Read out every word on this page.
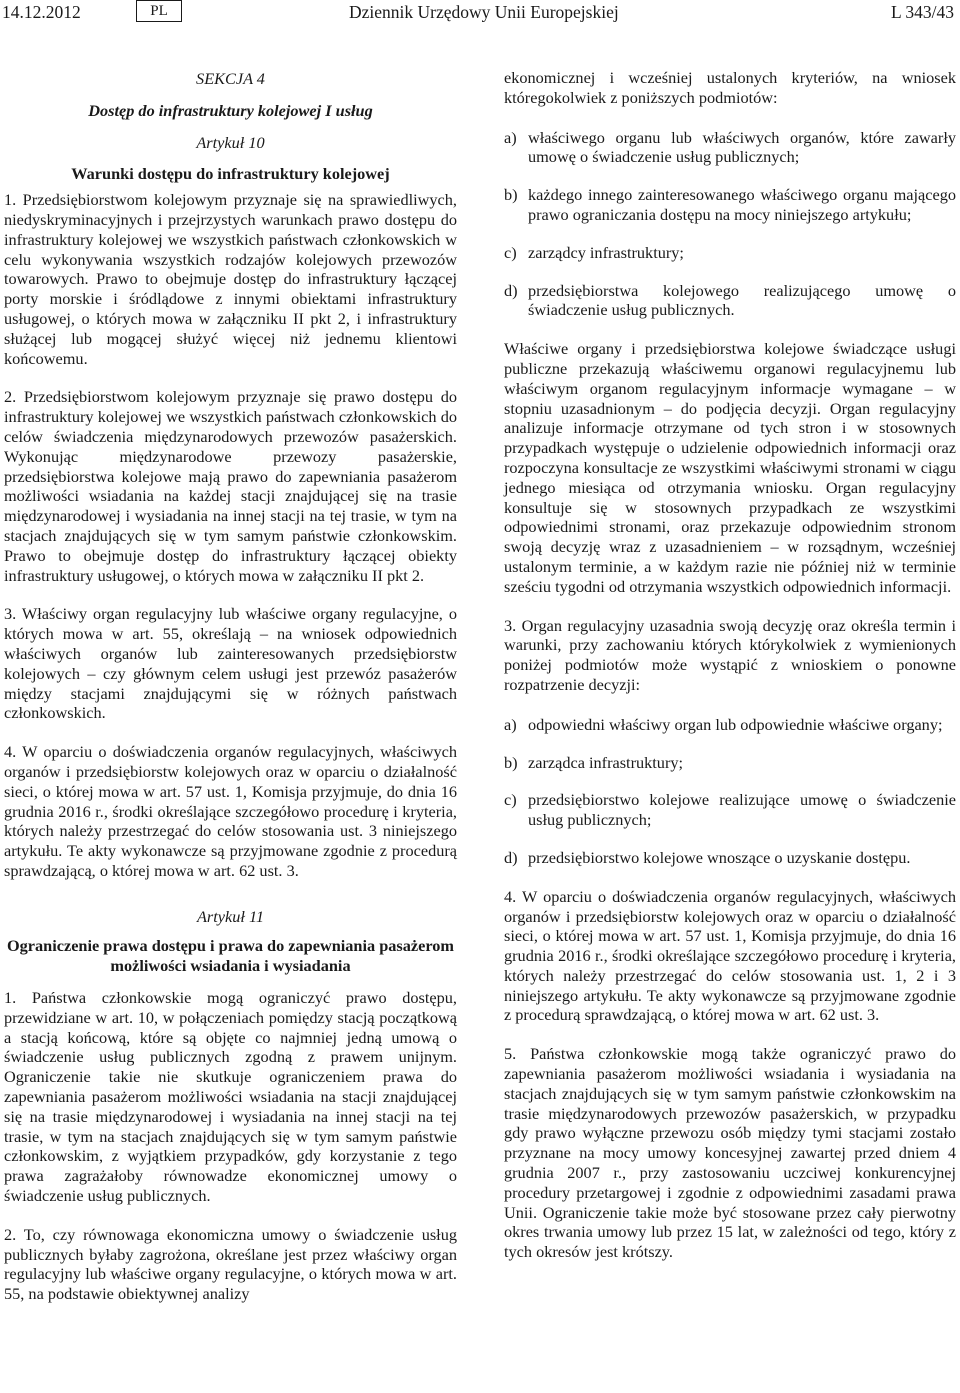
14.12.2012	PL	Dziennik Urzędowy Unii Europejskiej	L 343/43

SEKCJA 4

Dostęp do infrastruktury kolejowej I usług

Artykuł 10

Warunki dostępu do infrastruktury kolejowej

1. Przedsiębiorstwom kolejowym przyznaje się na sprawiedliwych, niedyskryminacyjnych i przejrzystych warunkach prawo dostępu do infrastruktury kolejowej we wszystkich państwach członkowskich w celu wykonywania wszystkich rodzajów kolejowych przewozów towarowych. Prawo to obejmuje dostęp do infrastruktury łączącej porty morskie i śródlądowe z innymi obiektami infrastruktury usługowej, o których mowa w załączniku II pkt 2, i infrastruktury służącej lub mogącej służyć więcej niż jednemu klientowi końcowemu.

2. Przedsiębiorstwom kolejowym przyznaje się prawo dostępu do infrastruktury kolejowej we wszystkich państwach członkowskich do celów świadczenia międzynarodowych przewozów pasażerskich. Wykonując międzynarodowe przewozy pasażerskie, przedsiębiorstwa kolejowe mają prawo do zapewniania pasażerom możliwości wsiadania na każdej stacji znajdującej się na trasie międzynarodowej i wysiadania na innej stacji na tej trasie, w tym na stacjach znajdujących się w tym samym państwie członkowskim. Prawo to obejmuje dostęp do infrastruktury łączącej obiekty infrastruktury usługowej, o których mowa w załączniku II pkt 2.

3. Właściwy organ regulacyjny lub właściwe organy regulacyjne, o których mowa w art. 55, określają – na wniosek odpowiednich właściwych organów lub zainteresowanych przedsiębiorstw kolejowych – czy głównym celem usługi jest przewóz pasażerów między stacjami znajdującymi się w różnych państwach członkowskich.

4. W oparciu o doświadczenia organów regulacyjnych, właściwych organów i przedsiębiorstw kolejowych oraz w oparciu o działalność sieci, o której mowa w art. 57 ust. 1, Komisja przyjmuje, do dnia 16 grudnia 2016 r., środki określające szczegółowo procedurę i kryteria, których należy przestrzegać do celów stosowania ust. 3 niniejszego artykułu. Te akty wykonawcze są przyjmowane zgodnie z procedurą sprawdzającą, o której mowa w art. 62 ust. 3.

Artykuł 11

Ograniczenie prawa dostępu i prawa do zapewniania pasażerom możliwości wsiadania i wysiadania

1. Państwa członkowskie mogą ograniczyć prawo dostępu, przewidziane w art. 10, w połączeniach pomiędzy stacją początkową a stacją końcową, które są objęte co najmniej jedną umową o świadczenie usług publicznych zgodną z prawem unijnym. Ograniczenie takie nie skutkuje ograniczeniem prawa do zapewniania pasażerom możliwości wsiadania na stacji znajdującej się na trasie międzynarodowej i wysiadania na innej stacji na tej trasie, w tym na stacjach znajdujących się w tym samym państwie członkowskim, z wyjątkiem przypadków, gdy korzystanie z tego prawa zagrażałoby równowadze ekonomicznej umowy o świadczenie usług publicznych.

2. To, czy równowaga ekonomiczna umowy o świadczenie usług publicznych byłaby zagrożona, określane jest przez właściwy organ regulacyjny lub właściwe organy regulacyjne, o których mowa w art. 55, na podstawie obiektywnej analizy

ekonomicznej i wcześniej ustalonych kryteriów, na wniosek któregokolwiek z poniższych podmiotów:

a) właściwego organu lub właściwych organów, które zawarły umowę o świadczenie usług publicznych;
b) każdego innego zainteresowanego właściwego organu mającego prawo ograniczania dostępu na mocy niniejszego artykułu;
c) zarządcy infrastruktury;
d) przedsiębiorstwa kolejowego realizującego umowę o świadczenie usług publicznych.

Właściwe organy i przedsiębiorstwa kolejowe świadczące usługi publiczne przekazują właściwemu organowi regulacyjnemu lub właściwym organom regulacyjnym informacje wymagane – w stopniu uzasadnionym – do podjęcia decyzji. Organ regulacyjny analizuje informacje otrzymane od tych stron i w stosownych przypadkach występuje o udzielenie odpowiednich informacji oraz rozpoczyna konsultacje ze wszystkimi właściwymi stronami w ciągu jednego miesiąca od otrzymania wniosku. Organ regulacyjny konsultuje się w stosownych przypadkach ze wszystkimi odpowiednimi stronami, oraz przekazuje odpowiednim stronom swoją decyzję wraz z uzasadnieniem – w rozsądnym, wcześniej ustalonym terminie, a w każdym razie nie później niż w terminie sześciu tygodni od otrzymania wszystkich odpowiednich informacji.

3. Organ regulacyjny uzasadnia swoją decyzję oraz określa termin i warunki, przy zachowaniu których którykolwiek z wymienionych poniżej podmiotów może wystąpić z wnioskiem o ponowne rozpatrzenie decyzji:

a) odpowiedni właściwy organ lub odpowiednie właściwe organy;
b) zarządca infrastruktury;
c) przedsiębiorstwo kolejowe realizujące umowę o świadczenie usług publicznych;
d) przedsiębiorstwo kolejowe wnoszące o uzyskanie dostępu.

4. W oparciu o doświadczenia organów regulacyjnych, właściwych organów i przedsiębiorstw kolejowych oraz w oparciu o działalność sieci, o której mowa w art. 57 ust. 1, Komisja przyjmuje, do dnia 16 grudnia 2016 r., środki określające szczegółowo procedurę i kryteria, których należy przestrzegać do celów stosowania ust. 1, 2 i 3 niniejszego artykułu. Te akty wykonawcze są przyjmowane zgodnie z procedurą sprawdzającą, o której mowa w art. 62 ust. 3.

5. Państwa członkowskie mogą także ograniczyć prawo do zapewniania pasażerom możliwości wsiadania i wysiadania na stacjach znajdujących się w tym samym państwie członkowskim na trasie międzynarodowych przewozów pasażerskich, w przypadku gdy prawo wyłączne przewozu osób między tymi stacjami zostało przyznane na mocy umowy koncesyjnej zawartej przed dniem 4 grudnia 2007 r., przy zastosowaniu uczciwej konkurencyjnej procedury przetargowej i zgodnie z odpowiednimi zasadami prawa Unii. Ograniczenie takie może być stosowane przez cały pierwotny okres trwania umowy lub przez 15 lat, w zależności od tego, który z tych okresów jest krótszy.
